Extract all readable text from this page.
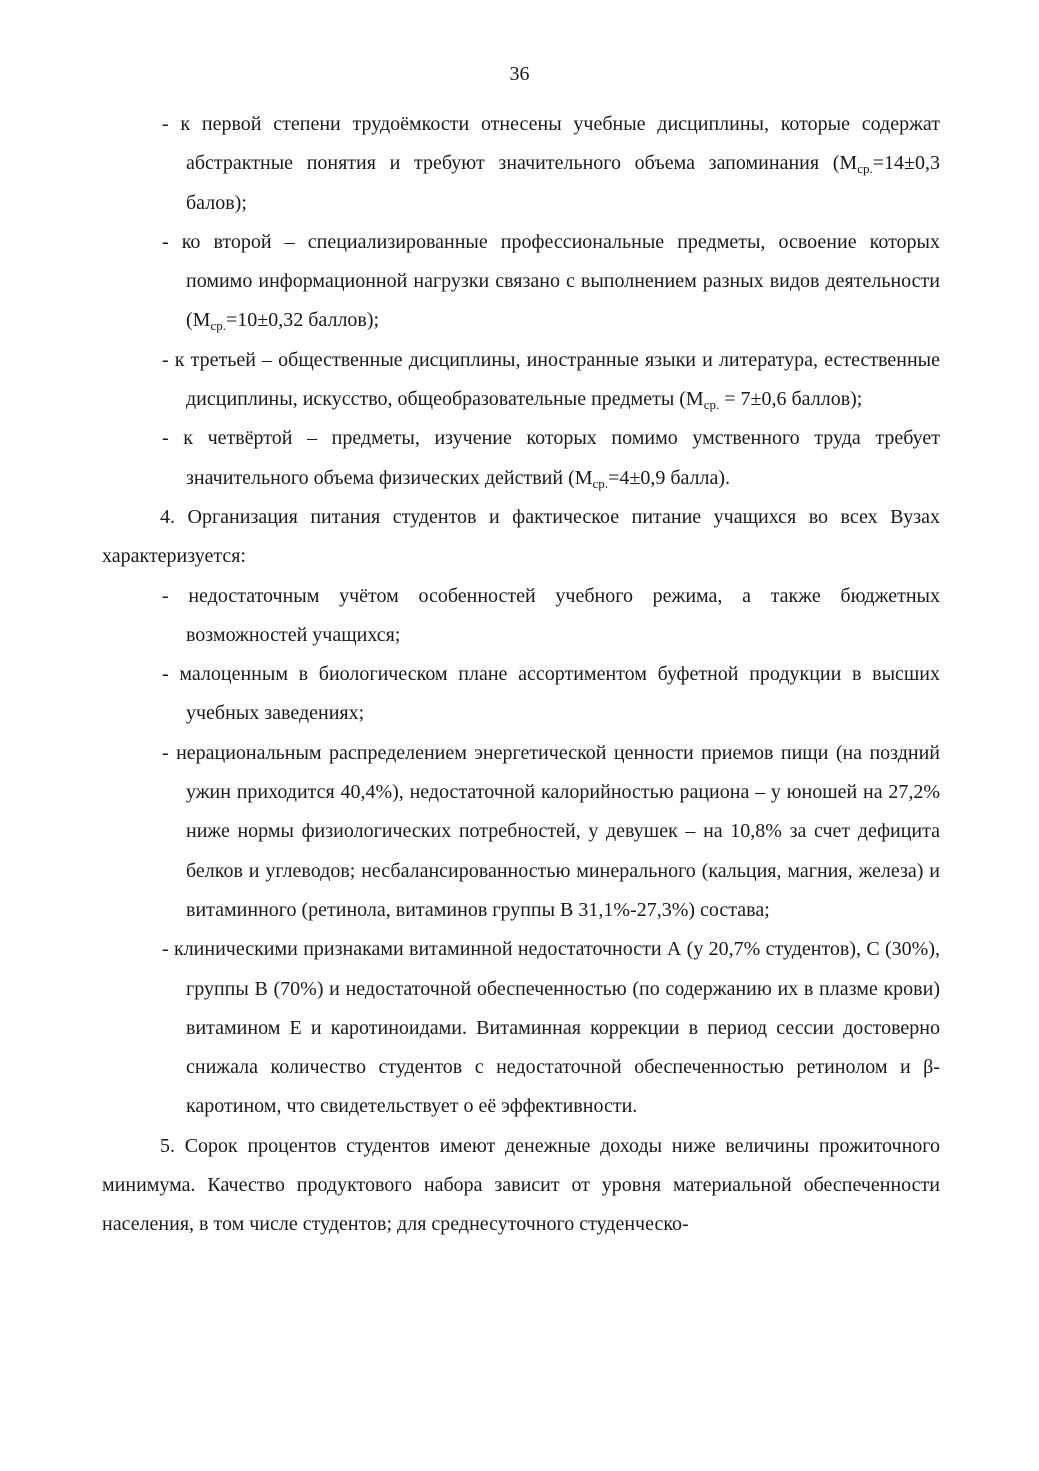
36

- к первой степени трудоёмкости отнесены учебные дисциплины, которые содержат абстрактные понятия и требуют значительного объема запоминания ($M_{ср.}=14\pm 0,3$ балов);

- ко второй – специализированные профессиональные предметы, освоение которых помимо информационной нагрузки связано с выполнением разных видов деятельности ($M_{ср.}=10\pm 0,32$ баллов);

- к третьей – общественные дисциплины, иностранные языки и литература, естественные дисциплины, искусство, общеобразовательные предметы ($M_{ср.} = 7\pm 0,6$ баллов);

- к четвёртой – предметы, изучение которых помимо умственного труда требует значительного объема физических действий ($M_{ср.}=4\pm 0,9$ балла).

4. Организация питания студентов и фактическое питание учащихся во всех Вузах характеризуется:

- недостаточным учётом особенностей учебного режима, а также бюджетных возможностей учащихся;

- малоценным в биологическом плане ассортиментом буфетной продукции в высших учебных заведениях;

- нерациональным распределением энергетической ценности приемов пищи (на поздний ужин приходится 40,4%), недостаточной калорийностью рациона – у юношей на 27,2% ниже нормы физиологических потребностей, у девушек – на 10,8% за счет дефицита белков и углеводов; несбалансированностью минерального (кальция, магния, железа) и витаминного (ретинола, витаминов группы В 31,1%-27,3%) состава;

- клиническими признаками витаминной недостаточности А (у 20,7% студентов), С (30%), группы В (70%) и недостаточной обеспеченностью (по содержанию их в плазме крови) витамином Е и каротиноидами. Витаминная коррекции в период сессии достоверно снижала количество студентов с недостаточной обеспеченностью ретинолом и β-каротином, что свидетельствует о её эффективности.

5. Сорок процентов студентов имеют денежные доходы ниже величины прожиточного минимума. Качество продуктового набора зависит от уровня материальной обеспеченности населения, в том числе студентов; для среднесуточного студенческо-
